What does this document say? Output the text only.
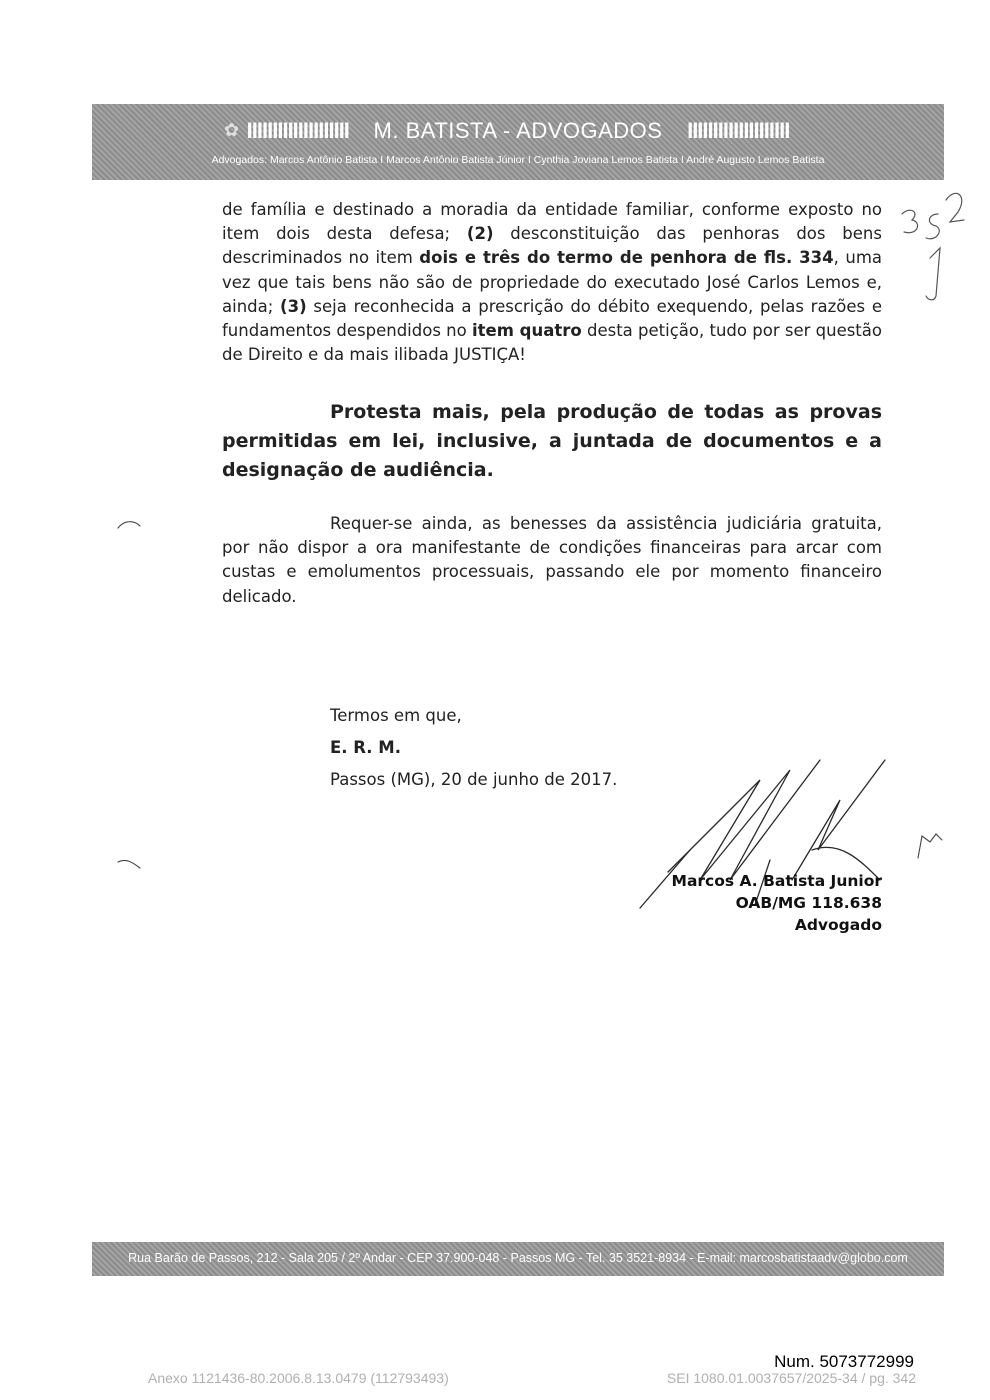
✿ IIIIIIIIIIIIIIIIIIII M. BATISTA - ADVOGADOS IIIIIIIIIIIIIIIIIIII
Advogados: Marcos Antônio Batista I Marcos Antônio Batista Júnior I Cynthia Joviana Lemos Batista I André Augusto Lemos Batista
de família e destinado a moradia da entidade familiar, conforme exposto no item dois desta defesa; (2) desconstituição das penhoras dos bens descriminados no item dois e três do termo de penhora de fls. 334, uma vez que tais bens não são de propriedade do executado José Carlos Lemos e, ainda; (3) seja reconhecida a prescrição do débito exequendo, pelas razões e fundamentos despendidos no item quatro desta petição, tudo por ser questão de Direito e da mais ilibada JUSTIÇA!
Protesta mais, pela produção de todas as provas permitidas em lei, inclusive, a juntada de documentos e a designação de audiência.
Requer-se ainda, as benesses da assistência judiciária gratuita, por não dispor a ora manifestante de condições financeiras para arcar com custas e emolumentos processuais, passando ele por momento financeiro delicado.
Termos em que,
E. R. M.
Passos (MG), 20 de junho de 2017.
Marcos A. Batista Junior
OAB/MG 118.638
Advogado
Rua Barão de Passos, 212 - Sala 205 / 2º Andar - CEP 37.900-048 - Passos MG - Tel. 35 3521-8934 - E-mail: marcosbatistaadv@globo.com
Num. 5073772999
Anexo 1121436-80.2006.8.13.0479 (112793493)	SEI 1080.01.0037657/2025-34 / pg. 342
